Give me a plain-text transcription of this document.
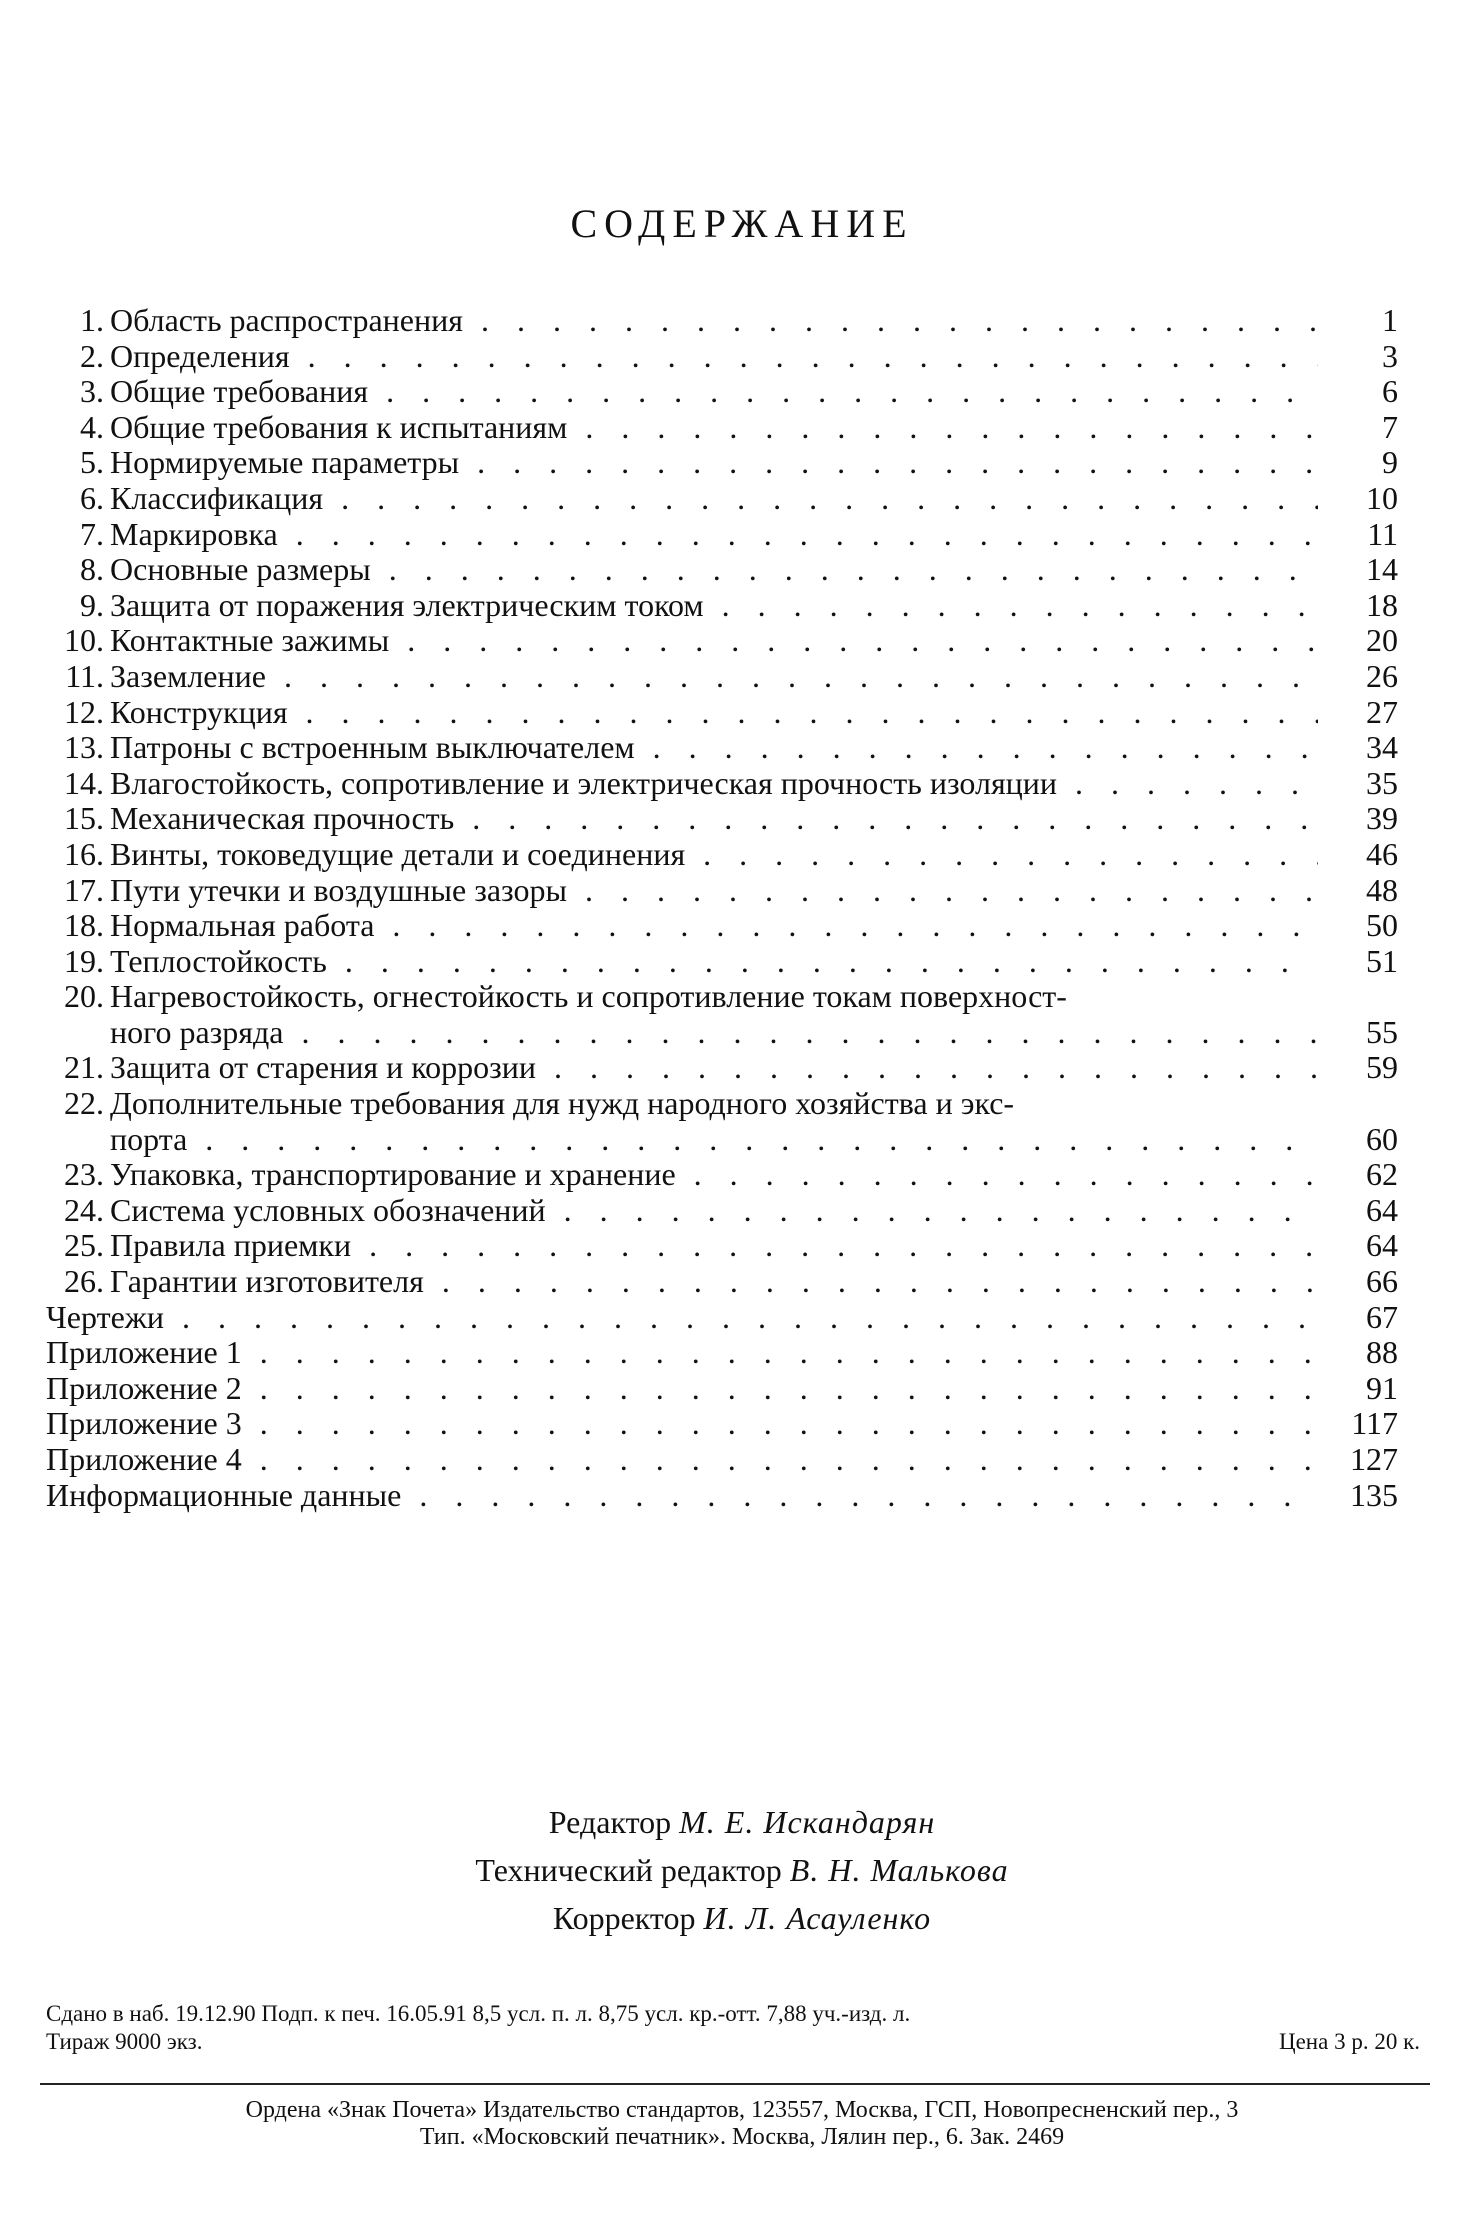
СОДЕРЖАНИЕ
1. Область распространения . . .	1
2. Определения . . .	3
3. Общие требования . . .	6
4. Общие требования к испытаниям . . .	7
5. Нормируемые параметры . . .	9
6. Классификация . . .	10
7. Маркировка . . .	11
8. Основные размеры . . .	14
9. Защита от поражения электрическим током . . .	18
10. Контактные зажимы . . .	20
11. Заземление . . .	26
12. Конструкция . . .	27
13. Патроны с встроенным выключателем . . .	34
14. Влагостойкость, сопротивление и электрическая прочность изоляции . . .	35
15. Механическая прочность . . .	39
16. Винты, токоведущие детали и соединения . . .	46
17. Пути утечки и воздушные зазоры . . .	48
18. Нормальная работа . . .	50
19. Теплостойкость . . .	51
20. Нагревостойкость, огнестойкость и сопротивление токам поверхност-
ного разряда . . .	55
21. Защита от старения и коррозии . . .	59
22. Дополнительные требования для нужд народного хозяйства и экс-
порта . . .	60
23. Упаковка, транспортирование и хранение . . .	62
24. Система условных обозначений . . .	64
25. Правила приемки . . .	64
26. Гарантии изготовителя . . .	66
Чертежи . . .	67
Приложение 1 . . .	88
Приложение 2 . . .	91
Приложение 3 . . .	117
Приложение 4 . . .	127
Информационные данные . . .	135
Редактор М. Е. Искандарян
Технический редактор В. Н. Малькова
Корректор И. Л. Асауленко
Сдано в наб. 19.12.90 Подп. к печ. 16.05.91 8,5 усл. п. л. 8,75 усл. кр.-отт. 7,88 уч.-изд. л.
Тираж 9000 экз.	Цена 3 р. 20 к.
Ордена «Знак Почета» Издательство стандартов, 123557, Москва, ГСП, Новопресненский пер., 3
Тип. «Московский печатник». Москва, Лялин пер., 6. Зак. 2469
